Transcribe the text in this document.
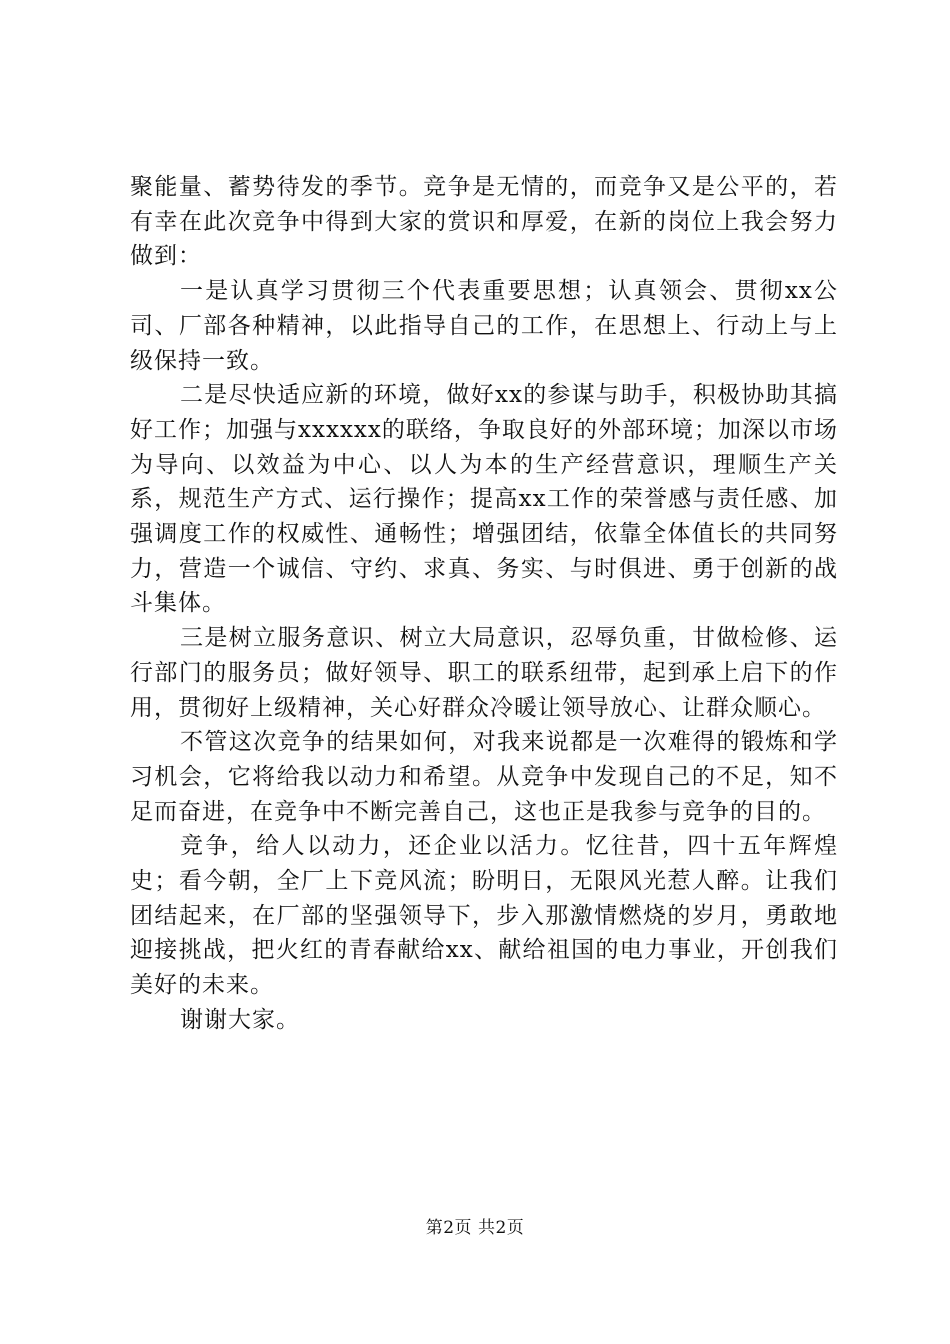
聚能量、蓄势待发的季节。竞争是无情的，而竞争又是公平的，若有幸在此次竞争中得到大家的赏识和厚爱，在新的岗位上我会努力做到：

一是认真学习贯彻三个代表重要思想；认真领会、贯彻xx公司、厂部各种精神，以此指导自己的工作，在思想上、行动上与上级保持一致。

二是尽快适应新的环境，做好xx的参谋与助手，积极协助其搞好工作；加强与xxxxxx的联络，争取良好的外部环境；加深以市场为导向、以效益为中心、以人为本的生产经营意识，理顺生产关系，规范生产方式、运行操作；提高xx工作的荣誉感与责任感、加强调度工作的权威性、通畅性；增强团结，依靠全体值长的共同努力，营造一个诚信、守约、求真、务实、与时俱进、勇于创新的战斗集体。

三是树立服务意识、树立大局意识，忍辱负重，甘做检修、运行部门的服务员；做好领导、职工的联系纽带，起到承上启下的作用，贯彻好上级精神，关心好群众冷暖让领导放心、让群众顺心。

不管这次竞争的结果如何，对我来说都是一次难得的锻炼和学习机会，它将给我以动力和希望。从竞争中发现自己的不足，知不足而奋进，在竞争中不断完善自己，这也正是我参与竞争的目的。

竞争，给人以动力，还企业以活力。忆往昔，四十五年辉煌史；看今朝，全厂上下竞风流；盼明日，无限风光惹人醉。让我们团结起来，在厂部的坚强领导下，步入那激情燃烧的岁月，勇敢地迎接挑战，把火红的青春献给xx、献给祖国的电力事业，开创我们美好的未来。

谢谢大家。

第2页 共2页
